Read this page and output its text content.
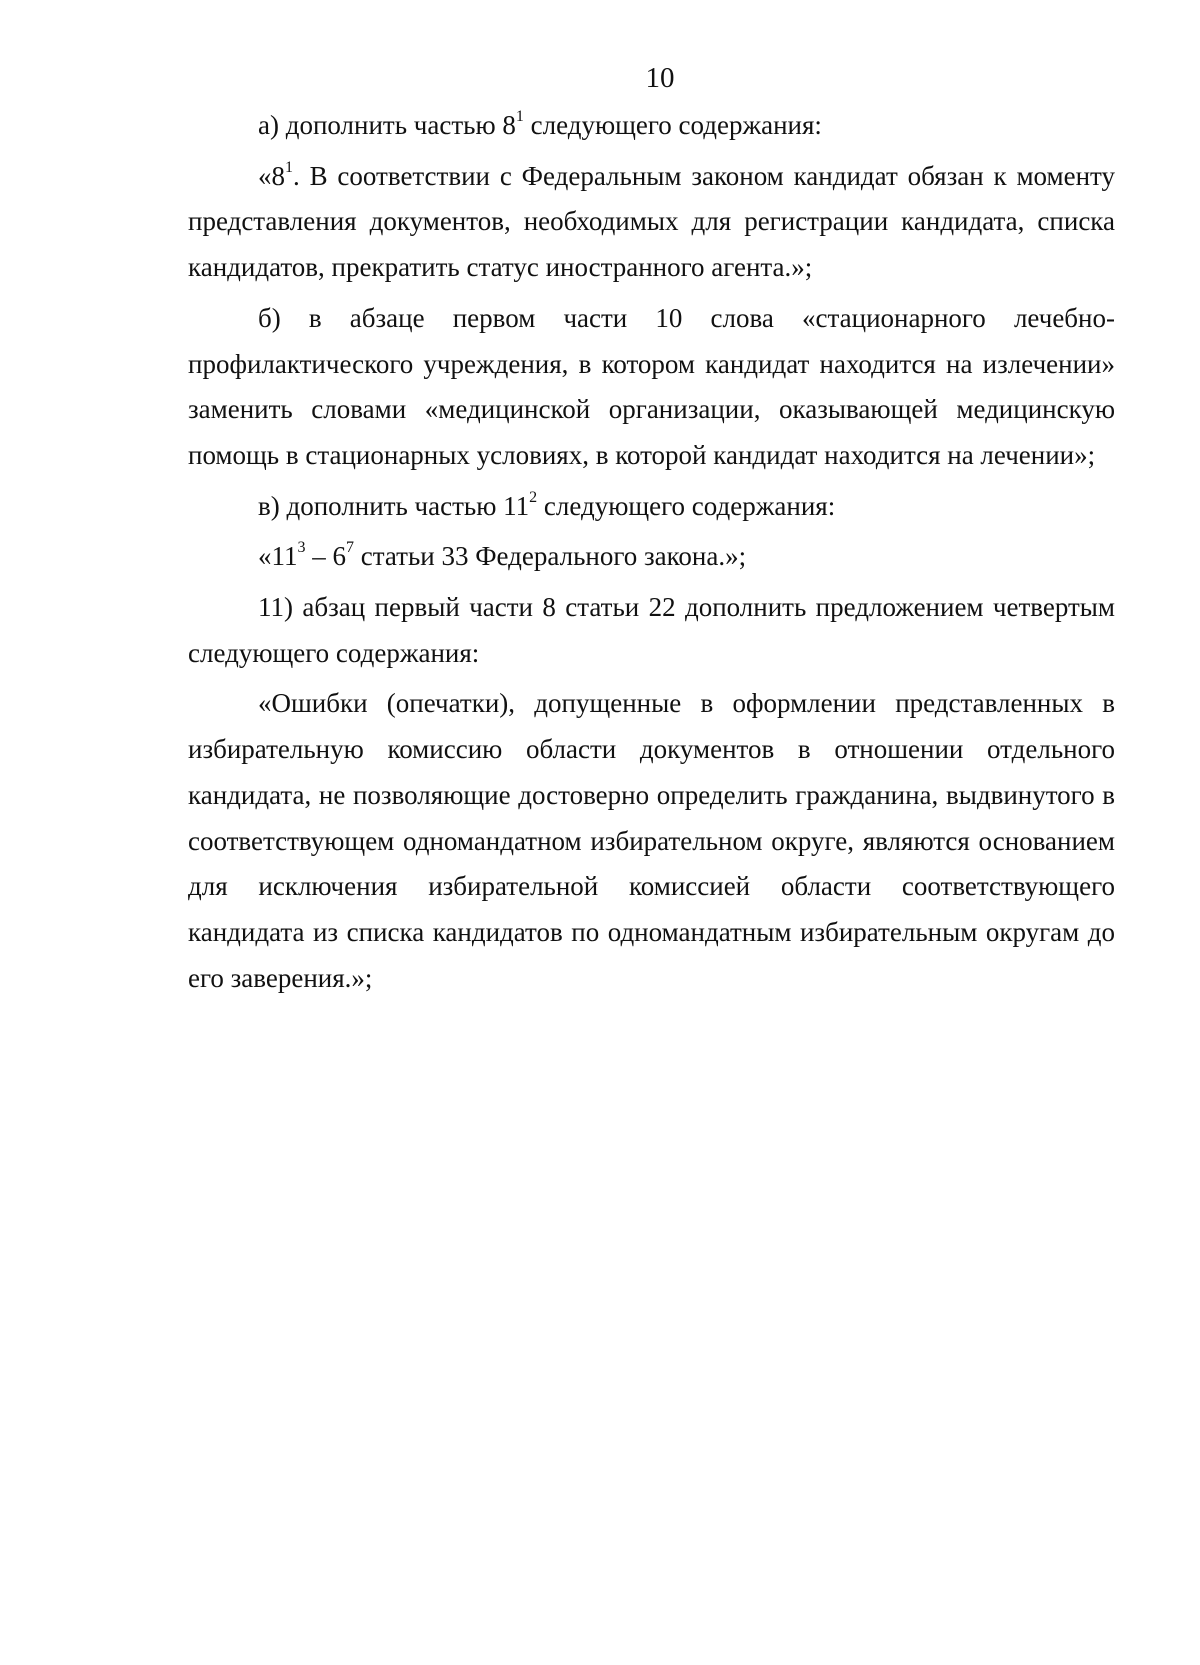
10

а) дополнить частью $8^1$ следующего содержания:

«$8^1$. В соответствии с Федеральным законом кандидат обязан к моменту представления документов, необходимых для регистрации кандидата, списка кандидатов, прекратить статус иностранного агента.»;

б) в абзаце первом части 10 слова «стационарного лечебно-профилактического учреждения, в котором кандидат находится на излечении» заменить словами «медицинской организации, оказывающей медицинскую помощь в стационарных условиях, в которой кандидат находится на лечении»;

в) дополнить частью $11^2$ следующего содержания:

«$11^3 - 6^7$ статьи 33 Федерального закона.»;

11) абзац первый части 8 статьи 22 дополнить предложением четвертым следующего содержания:

«Ошибки (опечатки), допущенные в оформлении представленных в избирательную комиссию области документов в отношении отдельного кандидата, не позволяющие достоверно определить гражданина, выдвинутого в соответствующем одномандатном избирательном округе, являются основанием для исключения избирательной комиссией области соответствующего кандидата из списка кандидатов по одномандатным избирательным округам до его заверения.»;
